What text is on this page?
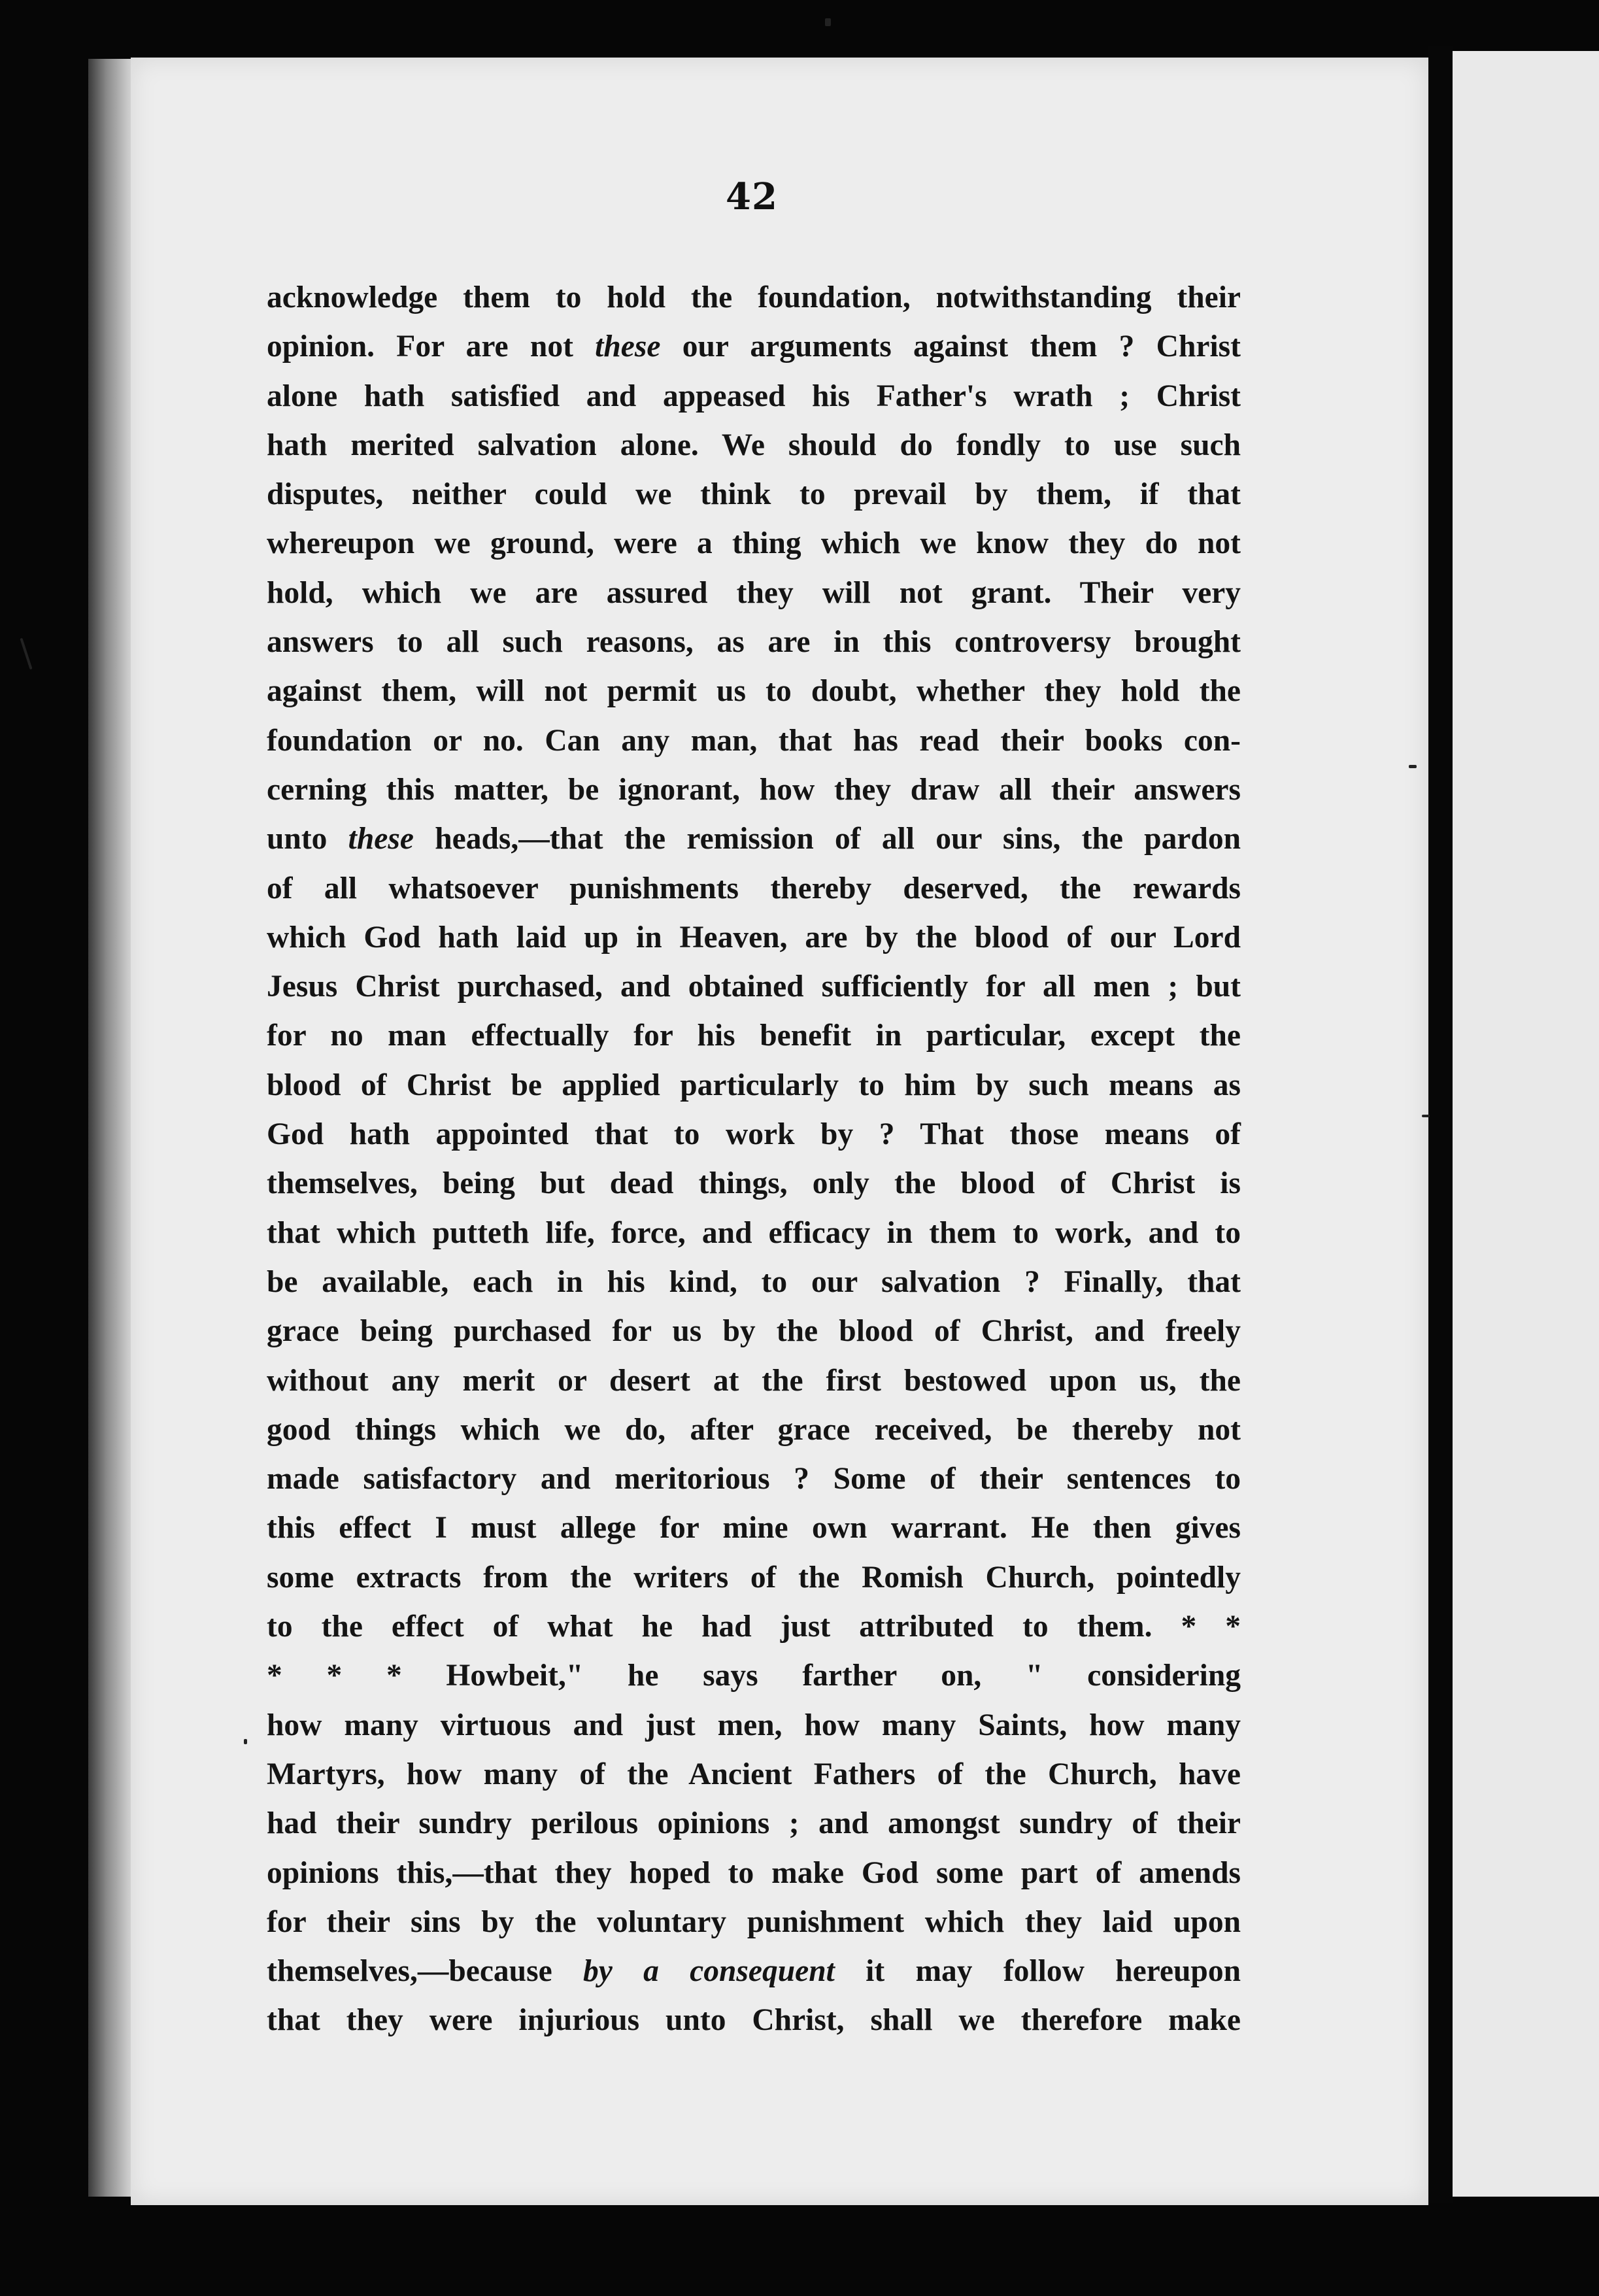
42
acknowledge them to hold the foundation, notwithstanding their
opinion. For are not these our arguments against them ? Christ
alone hath satisfied and appeased his Father's wrath ; Christ
hath merited salvation alone. We should do fondly to use such
disputes, neither could we think to prevail by them, if that
whereupon we ground, were a thing which we know they do not
hold, which we are assured they will not grant. Their very
answers to all such reasons, as are in this controversy brought
against them, will not permit us to doubt, whether they hold the
foundation or no. Can any man, that has read their books con-
cerning this matter, be ignorant, how they draw all their answers
unto these heads,—that the remission of all our sins, the pardon
of all whatsoever punishments thereby deserved, the rewards
which God hath laid up in Heaven, are by the blood of our Lord
Jesus Christ purchased, and obtained sufficiently for all men ; but
for no man effectually for his benefit in particular, except the
blood of Christ be applied particularly to him by such means as
God hath appointed that to work by ? That those means of
themselves, being but dead things, only the blood of Christ is
that which putteth life, force, and efficacy in them to work, and to
be available, each in his kind, to our salvation ? Finally, that
grace being purchased for us by the blood of Christ, and freely
without any merit or desert at the first bestowed upon us, the
good things which we do, after grace received, be thereby not
made satisfactory and meritorious ? Some of their sentences to
this effect I must allege for mine own warrant. He then gives
some extracts from the writers of the Romish Church, pointedly
to the effect of what he had just attributed to them. * *
* * * Howbeit," he says farther on, " considering
how many virtuous and just men, how many Saints, how many
Martyrs, how many of the Ancient Fathers of the Church, have
had their sundry perilous opinions ; and amongst sundry of their
opinions this,—that they hoped to make God some part of amends
for their sins by the voluntary punishment which they laid upon
themselves,—because by a consequent it may follow hereupon
that they were injurious unto Christ, shall we therefore make
